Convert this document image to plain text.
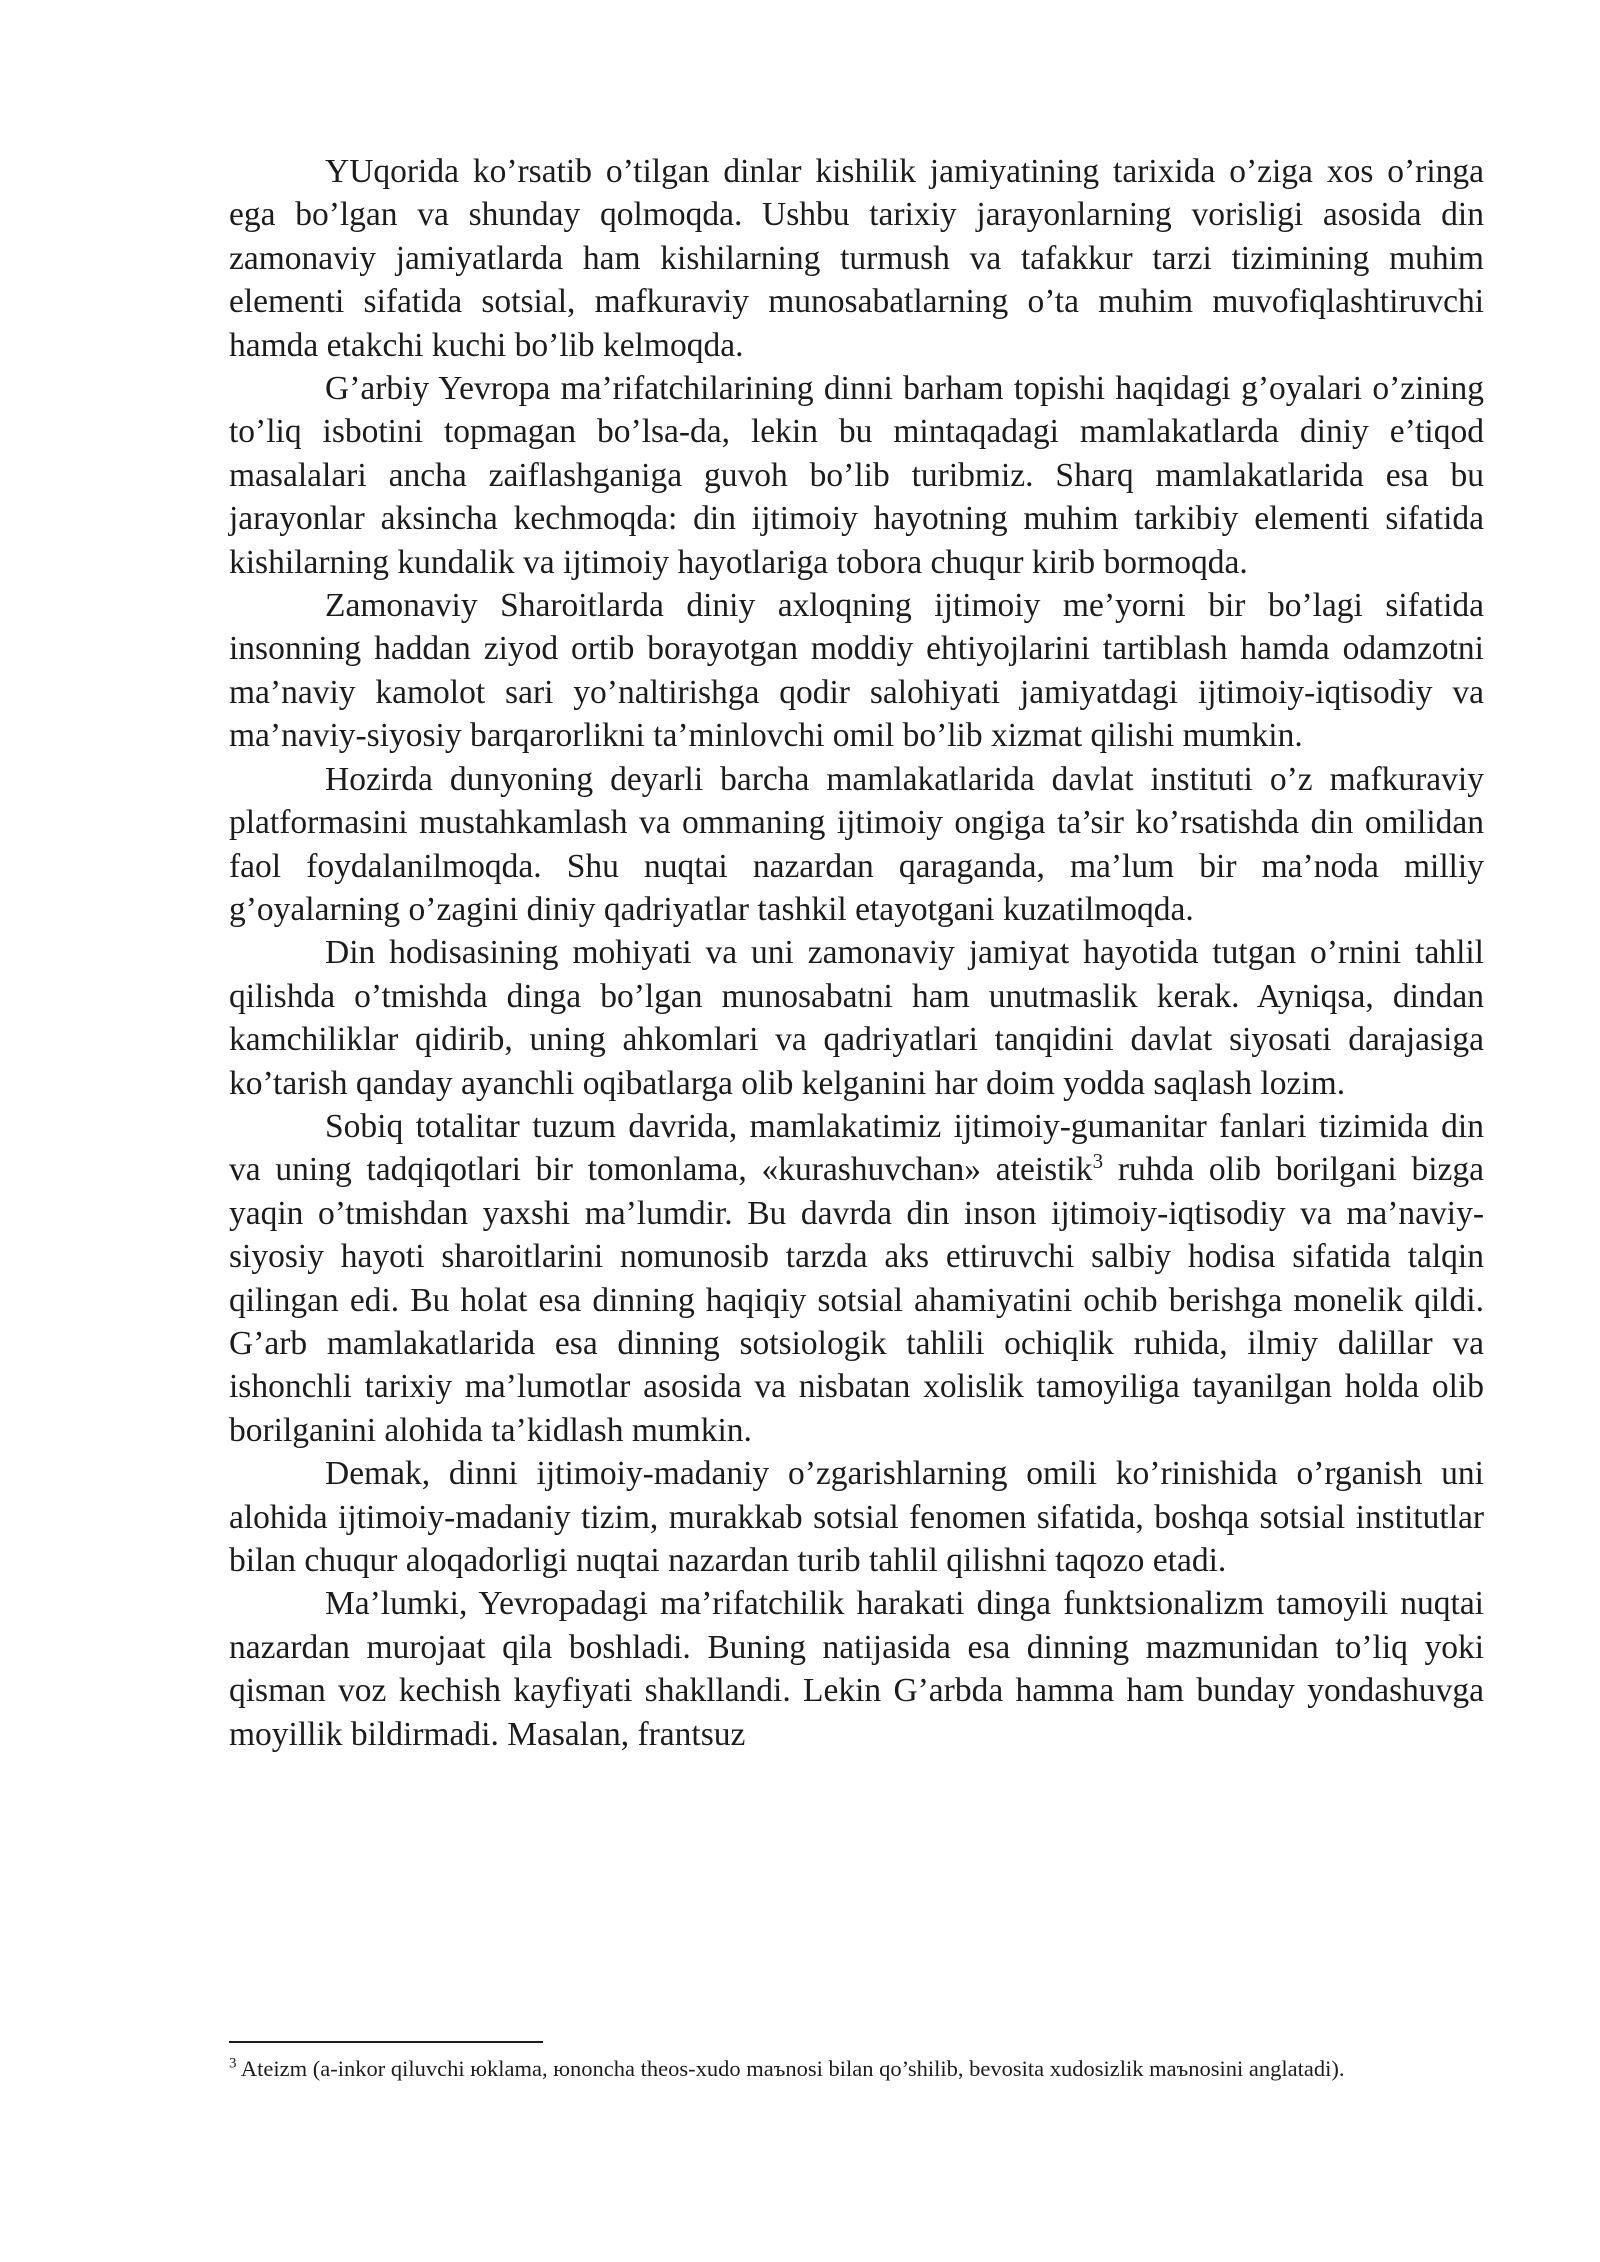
YUqorida ko’rsatib o’tilgan dinlar kishilik jamiyatining tarixida o’ziga xos o’ringa ega bo’lgan va shunday qolmoqda. Ushbu tarixiy jarayonlarning vorisligi asosida din zamonaviy jamiyatlarda ham kishilarning turmush va tafakkur tarzi tizimining muhim elementi sifatida sotsial, mafkuraviy munosabatlarning o’ta muhim muvofiqlashtiruvchi hamda etakchi kuchi bo’lib kelmoqda.

G’arbiy Yevropa ma’rifatchilarining dinni barham topishi haqidagi g’oyalari o’zining to’liq isbotini topmagan bo’lsa-da, lekin bu mintaqadagi mamlakatlarda diniy e’tiqod masalalari ancha zaiflashganiga guvoh bo’lib turibmiz. Sharq mamlakatlarida esa bu jarayonlar aksincha kechmoqda: din ijtimoiy hayotning muhim tarkibiy elementi sifatida kishilarning kundalik va ijtimoiy hayotlariga tobora chuqur kirib bormoqda.

Zamonaviy Sharoitlarda diniy axloqning ijtimoiy me’yorni bir bo’lagi sifatida insonning haddan ziyod ortib borayotgan moddiy ehtiyojlarini tartiblash hamda odamzotni ma’naviy kamolot sari yo’naltirishga qodir salohiyati jamiyatdagi ijtimoiy-iqtisodiy va ma’naviy-siyosiy barqarorlikni ta’minlovchi omil bo’lib xizmat qilishi mumkin.

Hozirda dunyoning deyarli barcha mamlakatlarida davlat instituti o’z mafkuraviy platformasini mustahkamlash va ommaning ijtimoiy ongiga ta’sir ko’rsatishda din omilidan faol foydalanilmoqda. Shu nuqtai nazardan qaraganda, ma’lum bir ma’noda milliy g’oyalarning o’zagini diniy qadriyatlar tashkil etayotgani kuzatilmoqda.

Din hodisasining mohiyati va uni zamonaviy jamiyat hayotida tutgan o’rnini tahlil qilishda o’tmishda dinga bo’lgan munosabatni ham unutmaslik kerak. Ayniqsa, dindan kamchiliklar qidirib, uning ahkomlari va qadriyatlari tanqidini davlat siyosati darajasiga ko’tarish qanday ayanchli oqibatlarga olib kelganini har doim yodda saqlash lozim.

Sobiq totalitar tuzum davrida, mamlakatimiz ijtimoiy-gumanitar fanlari tizimida din va uning tadqiqotlari bir tomonlama, «kurashuvchan» ateistik$^3$ ruhda olib borilgani bizga yaqin o’tmishdan yaxshi ma’lumdir. Bu davrda din inson ijtimoiy-iqtisodiy va ma’naviy-siyosiy hayoti sharoitlarini nomunosib tarzda aks ettiruvchi salbiy hodisa sifatida talqin qilingan edi. Bu holat esa dinning haqiqiy sotsial ahamiyatini ochib berishga monelik qildi. G’arb mamlakatlarida esa dinning sotsiologik tahlili ochiqlik ruhida, ilmiy dalillar va ishonchli tarixiy ma’lumotlar asosida va nisbatan xolislik tamoyiliga tayanilgan holda olib borilganini alohida ta’kidlash mumkin.

Demak, dinni ijtimoiy-madaniy o’zgarishlarning omili ko’rinishida o’rganish uni alohida ijtimoiy-madaniy tizim, murakkab sotsial fenomen sifatida, boshqa sotsial institutlar bilan chuqur aloqadorligi nuqtai nazardan turib tahlil qilishni taqozo etadi.

Ma’lumki, Yevropadagi ma’rifatchilik harakati dinga funktsionalizm tamoyili nuqtai nazardan murojaat qila boshladi. Buning natijasida esa dinning mazmunidan to’liq yoki qisman voz kechish kayfiyati shakllandi. Lekin G’arbda hamma ham bunday yondashuvga moyillik bildirmadi. Masalan, frantsuz

$^3$ Ateizm (a-inkor qiluvchi юklama, юnoncha theos-xudo maъnosi bilan qo’shilib, bevosita xudosizlik maъnosini anglatadi).
